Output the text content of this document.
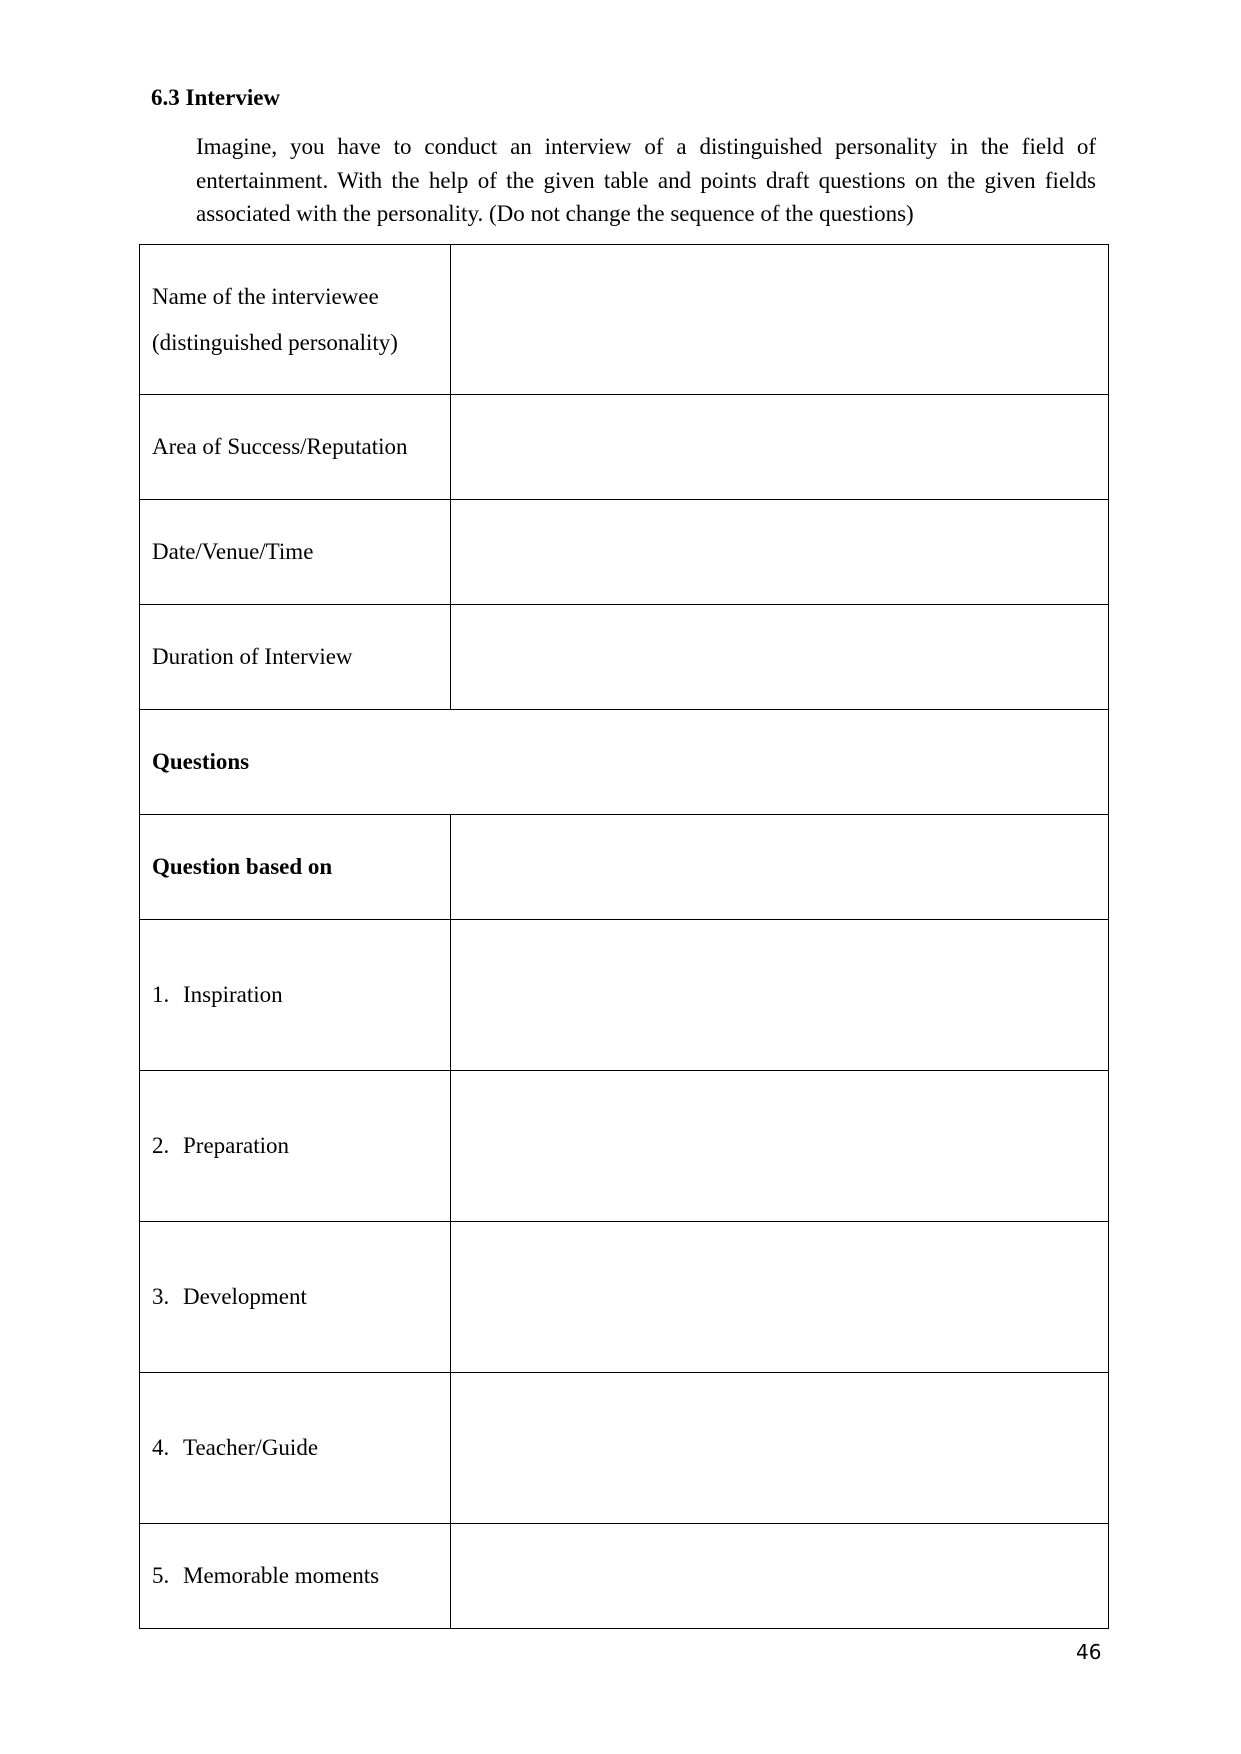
6.3 Interview

Imagine, you have to conduct an interview of a distinguished personality in the field of entertainment. With the help of the given table and points draft questions on the given fields associated with the personality. (Do not change the sequence of the questions)

Name of the interviewee
(distinguished personality)	

Area of Success/Reputation	
Date/Venue/Time	
Duration of Interview	
Questions	
Question based on	
1. Inspiration	
2. Preparation	
3. Development	
4. Teacher/Guide	
5. Memorable moments	
46
